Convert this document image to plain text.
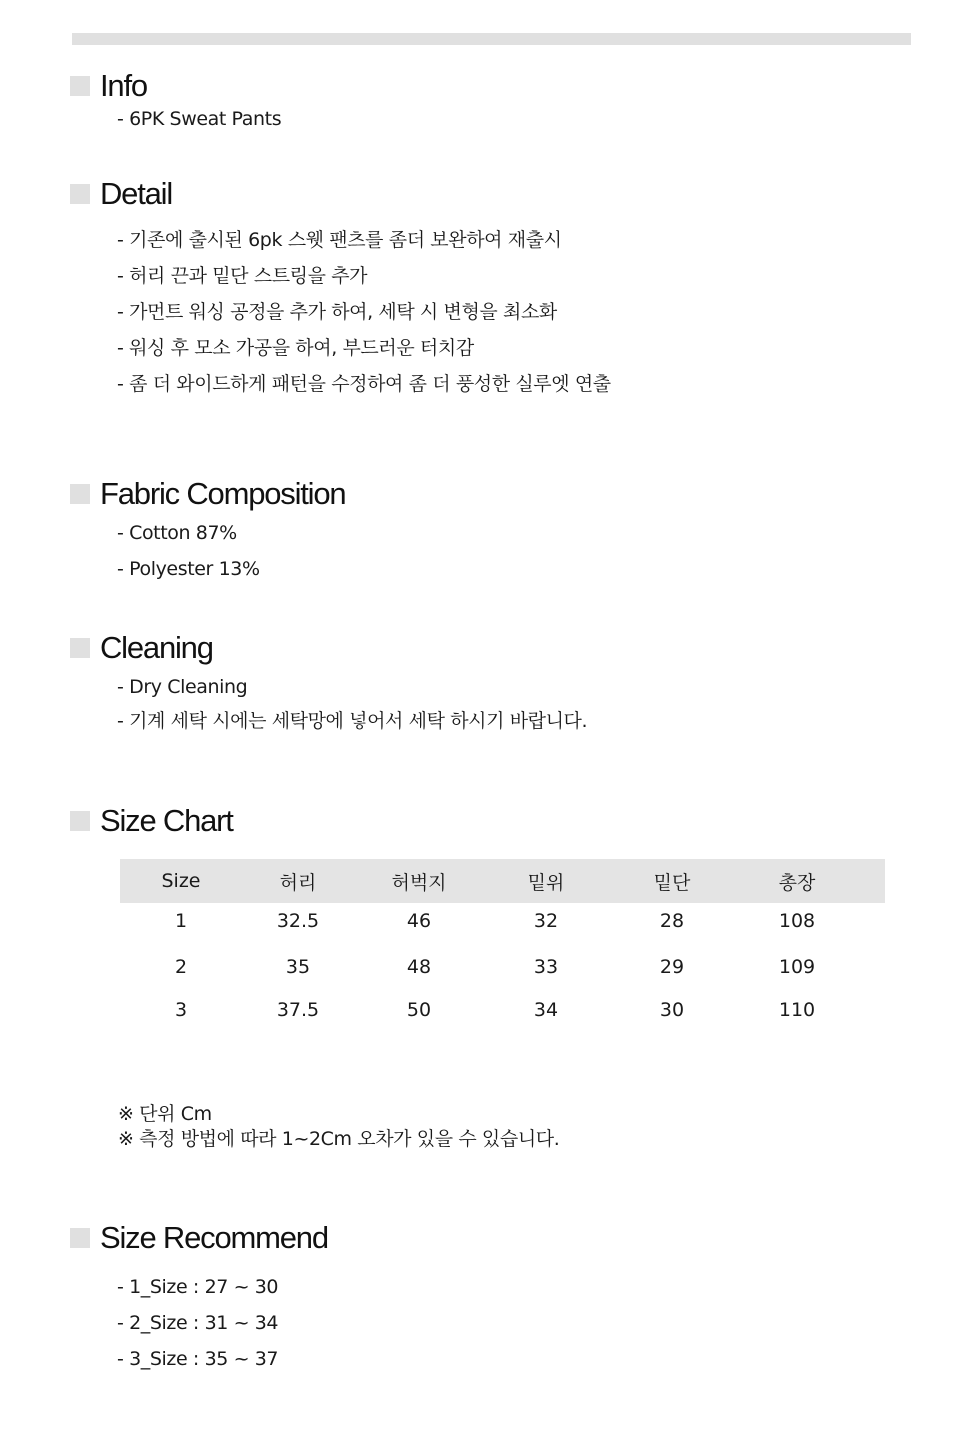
Info
- 6PK Sweat Pants
Detail
- 기존에 출시된 6pk 스웻 팬츠를 좀더 보완하여 재출시
- 허리 끈과 밑단 스트링을 추가
- 가먼트 워싱 공정을 추가 하여, 세탁 시 변형을 최소화
- 워싱 후 모소 가공을 하여, 부드러운 터치감
- 좀 더 와이드하게 패턴을 수정하여 좀 더 풍성한 실루엣 연출
Fabric Composition
- Cotton 87%
- Polyester 13%
Cleaning
- Dry Cleaning
- 기계 세탁 시에는 세탁망에 넣어서 세탁 하시기 바랍니다.
Size Chart
Size	허리	허벅지	밑위	밑단	총장
1	32.5	46	32	28	108
2	35	48	33	29	109
3	37.5	50	34	30	110
※ 단위 Cm
※ 측정 방법에 따라 1~2Cm 오차가 있을 수 있습니다.
Size Recommend
- 1_Size : 27 ~ 30
- 2_Size : 31 ~ 34
- 3_Size : 35 ~ 37
